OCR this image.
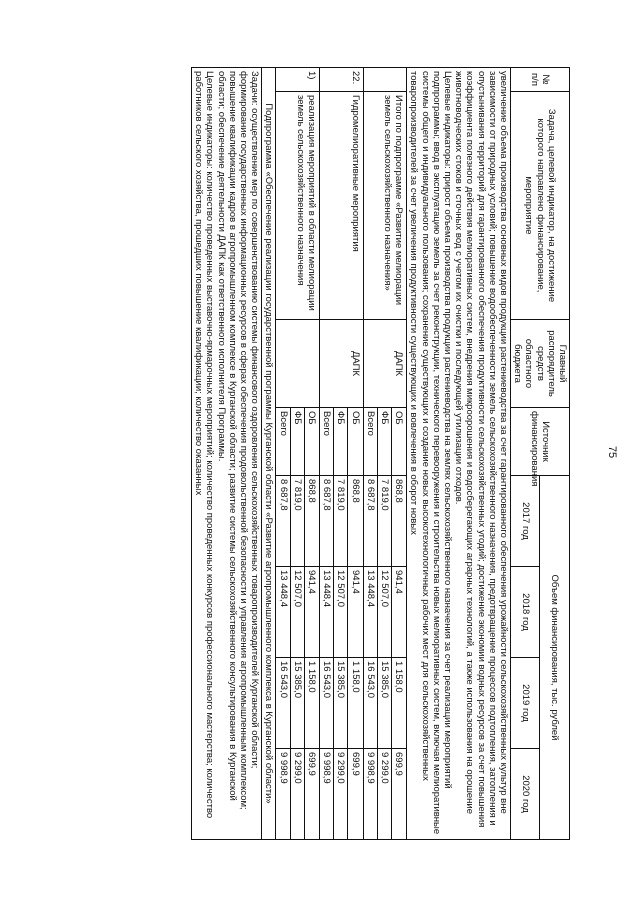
75
№ п/п	Задача, целевой индикатор, на достижение которого направлено финансирование, мероприятие	Главный распорядитель средств областного бюджета	Источник финансирования	Объем финансирования, тыс. рублей			
				2017 год	2018 год	2019 год	2020 год
увеличение объема производства основных видов продукции растениеводства за счет гарантированного обеспечения урожайности сельскохозяйственных культур вне зависимости от природных условий; повышение водообеспеченности земель сельскохозяйственного назначения, предотвращение процессов подтопления, затопления и опустынивания территорий для гарантированного обеспечения продуктивности сельскохозяйственных угодий; достижение экономии водных ресурсов за счет повышения коэффициента полезного действия мелиоративных систем, внедрения микроорошения и водосберегающих аграрных технологий, а также использования на орошение животноводческих стоков и сточных вод с учетом их очистки и последующей утилизации отходов.
Целевые индикаторы: прирост объема производства продукции растениеводства на землях сельскохозяйственного назначения за счет реализации мероприятий подпрограммы; ввод в эксплуатацию земель за счет реконструкции, технического перевооружения и строительства новых мелиоративных систем, включая мелиоративные системы общего и индивидуального пользования; сохранение существующих и создание новых высокотехнологичных рабочих мест для сельскохозяйственных товаропроизводителей за счет увеличения продуктивности существующих и вовлечения в оборот новых							
	Итого по подпрограмме «Развитие мелиорации земель сельскохозяйственного назначения»	ДАПК	ОБ	868,8	941,4	1 158,0	699,9
			ФБ	7 819,0	12 507,0	15 385,0	9 299,0
			Всего	8 687,8	13 448,4	16 543,0	9 998,9
22.	Гидромелиоративные мероприятия	ДАПК	ОБ	868,8	941,4	1 158,0	699,9
			ФБ	7 819,0	12 507,0	15 385,0	9 299,0
			Всего	8 687,8	13 448,4	16 543,0	9 998,9
1)	реализация мероприятий в области мелиорации земель сельскохозяйственного назначения		ОБ	868,8	941,4	1 158,0	699,9
			ФБ	7 819,0	12 507,0	15 385,0	9 299,0
			Всего	8 687,8	13 448,4	16 543,0	9 998,9
Подпрограмма «Обеспечение реализации государственной программы Курганской области «Развитие агропромышленного комплекса в Курганской области»							
Задачи: осуществление мер по совершенствованию системы финансового оздоровления сельскохозяйственных товаропроизводителей Курганской области; формирование государственных информационных ресурсов в сферах обеспечения продовольственной безопасности и управления агропромышленным комплексом; повышение квалификации кадров в агропромышленном комплексе в Курганской области; развитие системы сельскохозяйственного консультирования в Курганской области; обеспечение деятельности ДАПК как ответственного исполнителя Программы.
Целевые индикаторы: количество проведенных выставочно-ярмарочных мероприятий; количество проведенных конкурсов профессионального мастерства; количество работников сельского хозяйства, прошедших повышение квалификации; количество оказанных							
